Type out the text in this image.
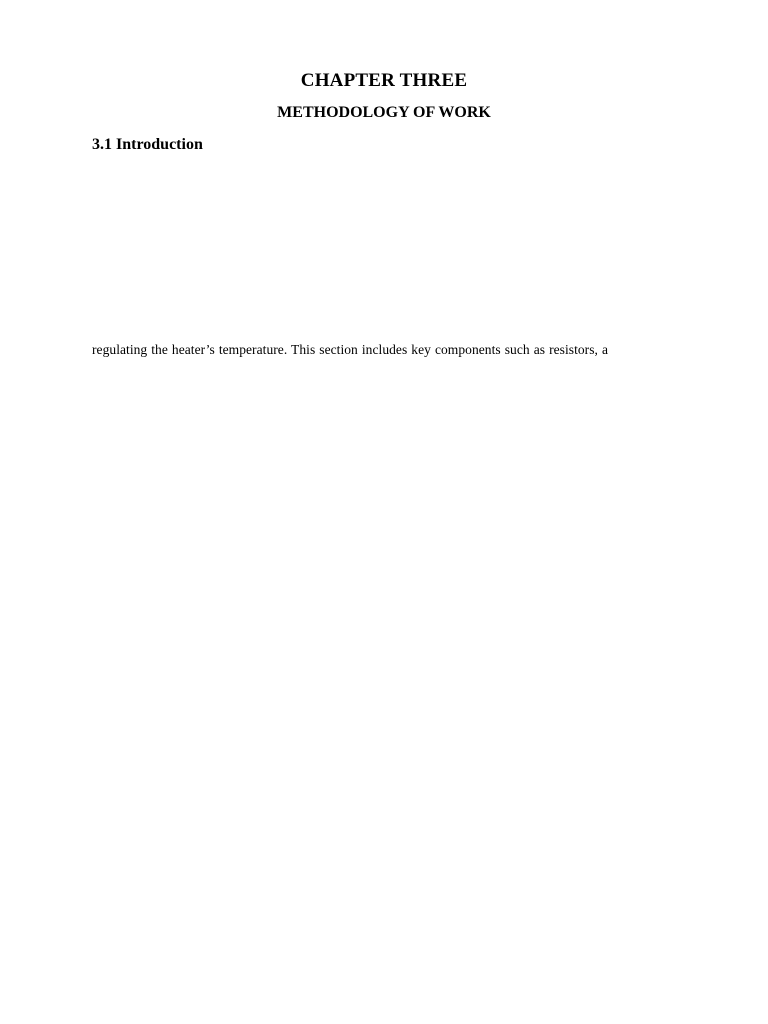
CHAPTER THREE
METHODOLOGY OF WORK
3.1 Introduction
regulating the heater’s temperature. This section includes key components such as resistors, a
